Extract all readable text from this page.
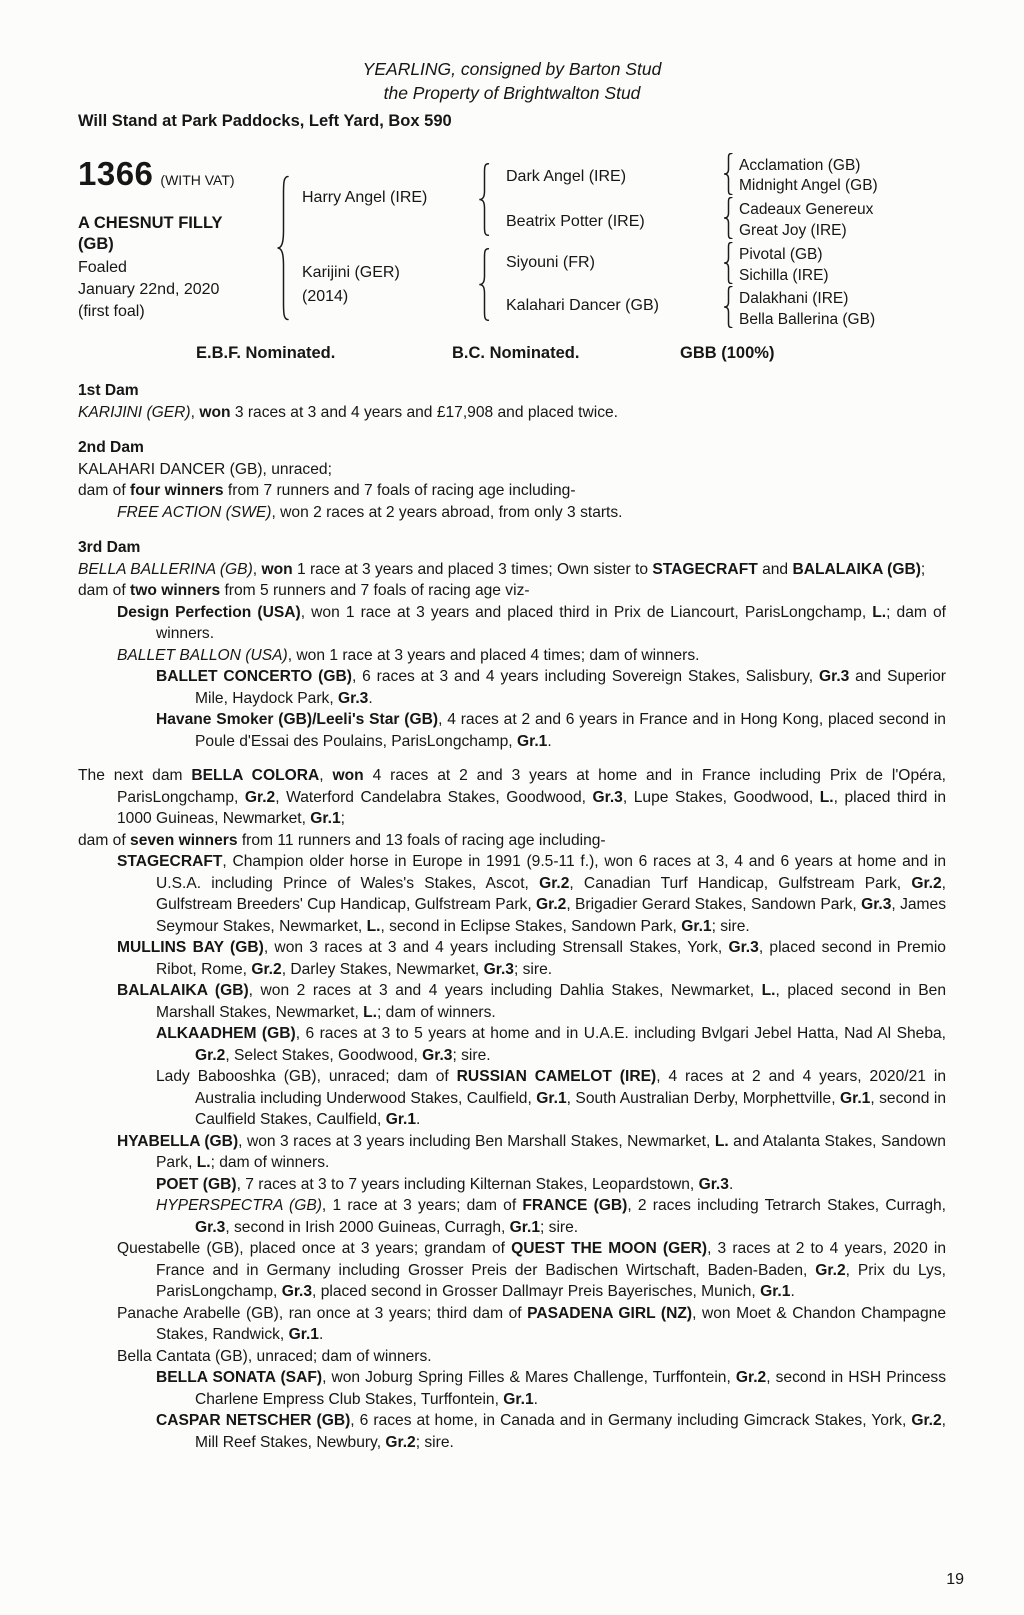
YEARLING, consigned by Barton Stud
the Property of Brightwalton Stud
Will Stand at Park Paddocks, Left Yard, Box 590
1366 (WITH VAT)
A CHESNUT FILLY
(GB)
Foaled
January 22nd, 2020
(first foal)
Harry Angel (IRE)
Karijini (GER)
(2014)
Dark Angel (IRE)
Beatrix Potter (IRE)
Siyouni (FR)
Kalahari Dancer (GB)
Acclamation (GB)
Midnight Angel (GB)
Cadeaux Genereux
Great Joy (IRE)
Pivotal (GB)
Sichilla (IRE)
Dalakhani (IRE)
Bella Ballerina (GB)
E.B.F. Nominated.	B.C. Nominated.	GBB (100%)
1st Dam
KARIJINI (GER), won 3 races at 3 and 4 years and £17,908 and placed twice.
2nd Dam
KALAHARI DANCER (GB), unraced;
dam of four winners from 7 runners and 7 foals of racing age including-
FREE ACTION (SWE), won 2 races at 2 years abroad, from only 3 starts.
3rd Dam
BELLA BALLERINA (GB), won 1 race at 3 years and placed 3 times; Own sister to STAGECRAFT and BALALAIKA (GB);
dam of two winners from 5 runners and 7 foals of racing age viz-
Design Perfection (USA), won 1 race at 3 years and placed third in Prix de Liancourt, ParisLongchamp, L.; dam of winners.
BALLET BALLON (USA), won 1 race at 3 years and placed 4 times; dam of winners.
BALLET CONCERTO (GB), 6 races at 3 and 4 years including Sovereign Stakes, Salisbury, Gr.3 and Superior Mile, Haydock Park, Gr.3.
Havane Smoker (GB)/Leeli's Star (GB), 4 races at 2 and 6 years in France and in Hong Kong, placed second in Poule d'Essai des Poulains, ParisLongchamp, Gr.1.
The next dam BELLA COLORA, won 4 races at 2 and 3 years at home and in France including Prix de l'Opéra, ParisLongchamp, Gr.2, Waterford Candelabra Stakes, Goodwood, Gr.3, Lupe Stakes, Goodwood, L., placed third in 1000 Guineas, Newmarket, Gr.1;
dam of seven winners from 11 runners and 13 foals of racing age including-
STAGECRAFT, Champion older horse in Europe in 1991 (9.5-11 f.), won 6 races at 3, 4 and 6 years at home and in U.S.A. including Prince of Wales's Stakes, Ascot, Gr.2, Canadian Turf Handicap, Gulfstream Park, Gr.2, Gulfstream Breeders' Cup Handicap, Gulfstream Park, Gr.2, Brigadier Gerard Stakes, Sandown Park, Gr.3, James Seymour Stakes, Newmarket, L., second in Eclipse Stakes, Sandown Park, Gr.1; sire.
MULLINS BAY (GB), won 3 races at 3 and 4 years including Strensall Stakes, York, Gr.3, placed second in Premio Ribot, Rome, Gr.2, Darley Stakes, Newmarket, Gr.3; sire.
BALALAIKA (GB), won 2 races at 3 and 4 years including Dahlia Stakes, Newmarket, L., placed second in Ben Marshall Stakes, Newmarket, L.; dam of winners.
ALKAADHEM (GB), 6 races at 3 to 5 years at home and in U.A.E. including Bvlgari Jebel Hatta, Nad Al Sheba, Gr.2, Select Stakes, Goodwood, Gr.3; sire.
Lady Babooshka (GB), unraced; dam of RUSSIAN CAMELOT (IRE), 4 races at 2 and 4 years, 2020/21 in Australia including Underwood Stakes, Caulfield, Gr.1, South Australian Derby, Morphettville, Gr.1, second in Caulfield Stakes, Caulfield, Gr.1.
HYABELLA (GB), won 3 races at 3 years including Ben Marshall Stakes, Newmarket, L. and Atalanta Stakes, Sandown Park, L.; dam of winners.
POET (GB), 7 races at 3 to 7 years including Kilternan Stakes, Leopardstown, Gr.3.
HYPERSPECTRA (GB), 1 race at 3 years; dam of FRANCE (GB), 2 races including Tetrarch Stakes, Curragh, Gr.3, second in Irish 2000 Guineas, Curragh, Gr.1; sire.
Questabelle (GB), placed once at 3 years; grandam of QUEST THE MOON (GER), 3 races at 2 to 4 years, 2020 in France and in Germany including Grosser Preis der Badischen Wirtschaft, Baden-Baden, Gr.2, Prix du Lys, ParisLongchamp, Gr.3, placed second in Grosser Dallmayr Preis Bayerisches, Munich, Gr.1.
Panache Arabelle (GB), ran once at 3 years; third dam of PASADENA GIRL (NZ), won Moet & Chandon Champagne Stakes, Randwick, Gr.1.
Bella Cantata (GB), unraced; dam of winners.
BELLA SONATA (SAF), won Joburg Spring Filles & Mares Challenge, Turffontein, Gr.2, second in HSH Princess Charlene Empress Club Stakes, Turffontein, Gr.1.
CASPAR NETSCHER (GB), 6 races at home, in Canada and in Germany including Gimcrack Stakes, York, Gr.2, Mill Reef Stakes, Newbury, Gr.2; sire.
19
